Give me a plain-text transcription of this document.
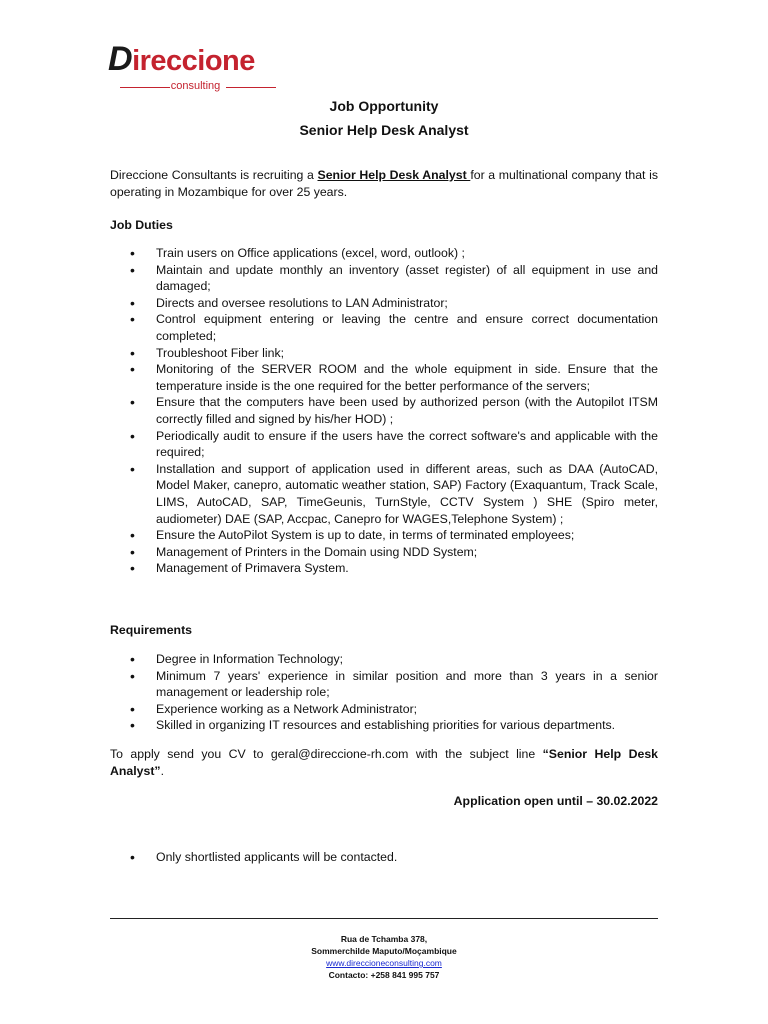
Direccione
consulting
Job Opportunity
Senior Help Desk Analyst
Direccione Consultants is recruiting a Senior Help Desk Analyst for a multinational company that is operating in Mozambique for over 25 years.
Job Duties
• Train users on Office applications (excel, word, outlook) ;
• Maintain and update monthly an inventory (asset register) of all equipment in use and damaged;
• Directs and oversee resolutions to LAN Administrator;
• Control equipment entering or leaving the centre and ensure correct documentation completed;
• Troubleshoot Fiber link;
• Monitoring of the SERVER ROOM and the whole equipment in side. Ensure that the temperature inside is the one required for the better performance of the servers;
• Ensure that the computers have been used by authorized person (with the Autopilot ITSM correctly filled and signed by his/her HOD) ;
• Periodically audit to ensure if the users have the correct software's and applicable with the required;
• Installation and support of application used in different areas, such as DAA (AutoCAD, Model Maker, canepro, automatic weather station, SAP) Factory (Exaquantum, Track Scale, LIMS, AutoCAD, SAP, TimeGeunis, TurnStyle, CCTV System ) SHE (Spiro meter, audiometer) DAE (SAP, Accpac, Canepro for WAGES,Telephone System) ;
• Ensure the AutoPilot System is up to date, in terms of terminated employees;
• Management of Printers in the Domain using NDD System;
• Management of Primavera System.
Requirements
• Degree in Information Technology;
• Minimum 7 years' experience in similar position and more than 3 years in a senior management or leadership role;
• Experience working as a Network Administrator;
• Skilled in organizing IT resources and establishing priorities for various departments.
To apply send you CV to geral@direccione-rh.com with the subject line “Senior Help Desk Analyst”.
Application open until – 30.02.2022
• Only shortlisted applicants will be contacted.
Rua de Tchamba 378,
Sommerchilde Maputo/Moçambique
www.direccioneconsulting.com
Contacto: +258 841 995 757
